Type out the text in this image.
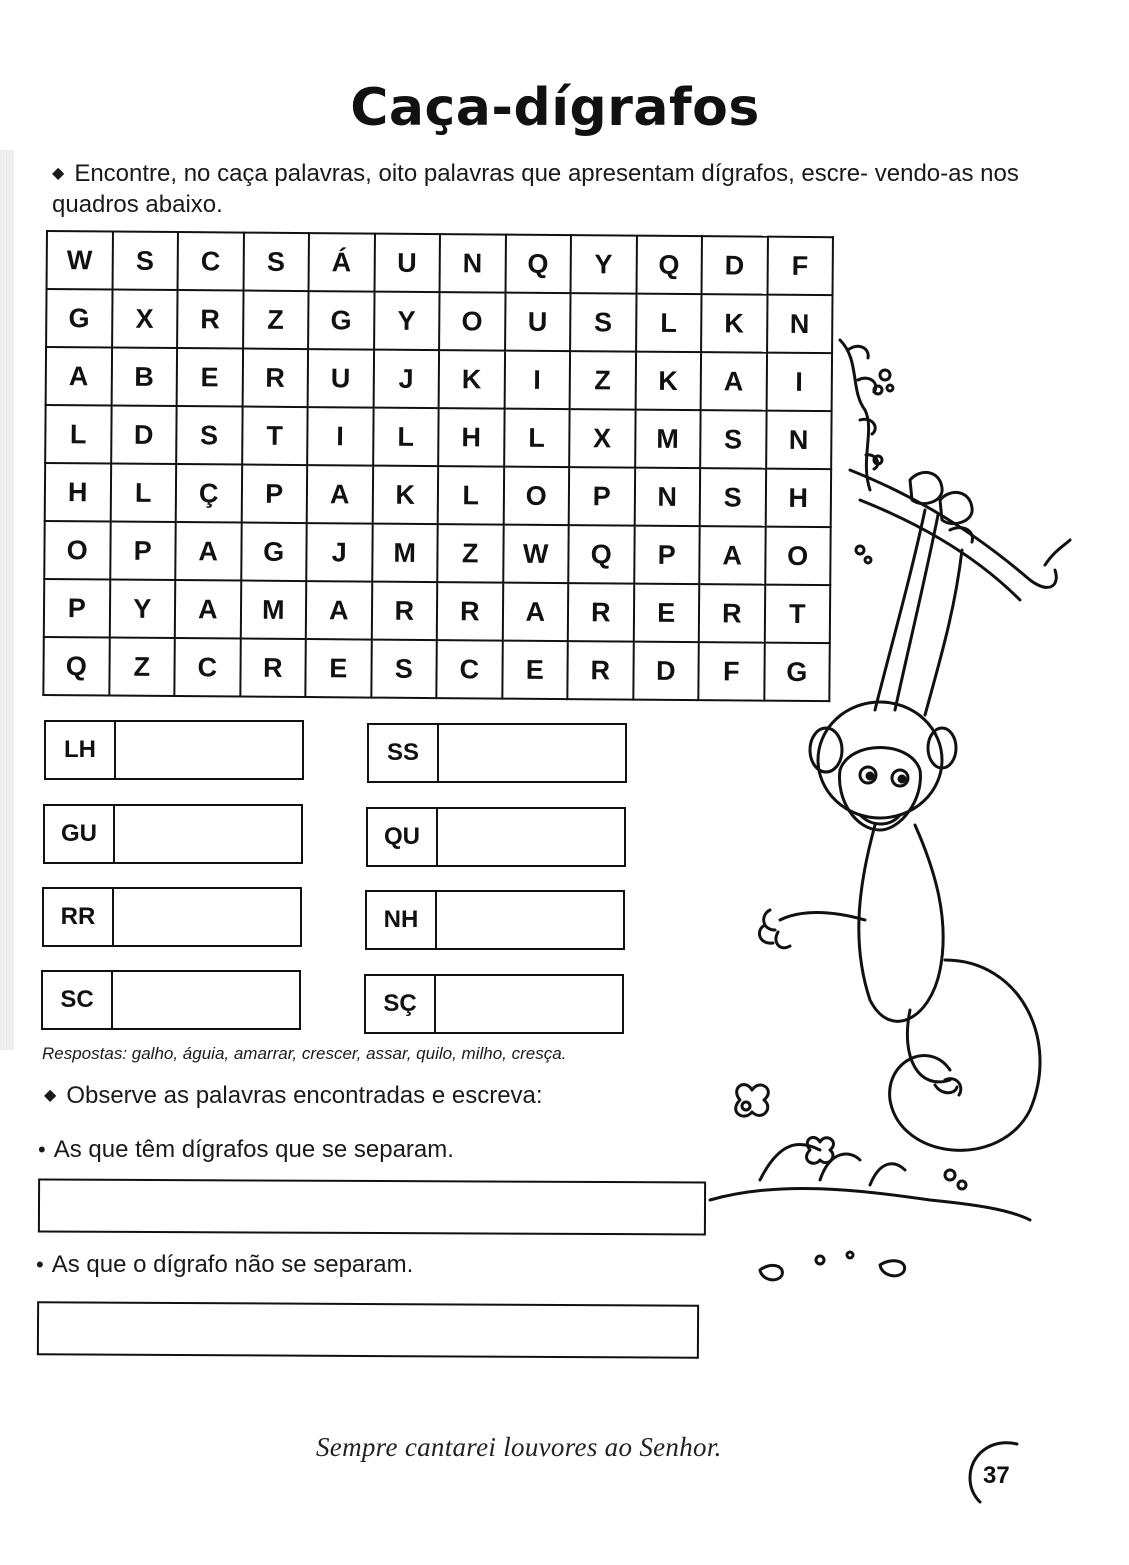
Caça-dígrafos
◆ Encontre, no caça palavras, oito palavras que apresentam dígrafos, escre- vendo-as nos quadros abaixo.
W	S	C	S	Á	U	N	Q	Y	Q	D	F
G	X	R	Z	G	Y	O	U	S	L	K	N
A	B	E	R	U	J	K	I	Z	K	A	I
L	D	S	T	I	L	H	L	X	M	S	N
H	L	Ç	P	A	K	L	O	P	N	S	H
O	P	A	G	J	M	Z	W	Q	P	A	O
P	Y	A	M	A	R	R	A	R	E	R	T
Q	Z	C	R	E	S	C	E	R	D	F	G
LH
GU
RR
SC
SS
QU
NH
SÇ
Respostas: galho, águia, amarrar, crescer, assar, quilo, milho, cresça.
◆ Observe as palavras encontradas e escreva:
• As que têm dígrafos que se separam.
• As que o dígrafo não se separam.
Sempre cantarei louvores ao Senhor.
37
